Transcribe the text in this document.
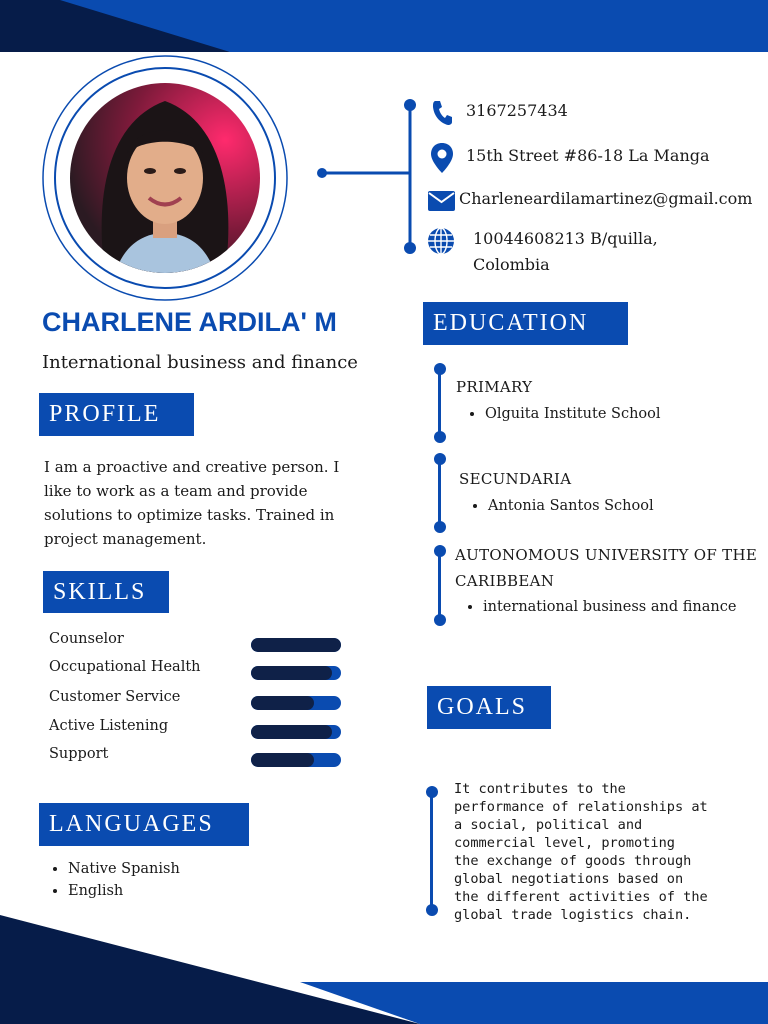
3167257434
15th Street #86-18 La Manga
Charleneardilamartinez@gmail.com
10044608213 B/quilla,
Colombia
CHARLENE ARDILA' M
International business and finance
PROFILE
I am a proactive and creative person. I
like to work as a team and provide
solutions to optimize tasks. Trained in
project management.
SKILLS
Counselor
Occupational Health
Customer Service
Active Listening
Support
LANGUAGES
• Native Spanish
• English
EDUCATION
PRIMARY
• Olguita Institute School
SECUNDARIA
• Antonia Santos School
AUTONOMOUS UNIVERSITY OF THE
CARIBBEAN
• international business and finance
GOALS
It contributes to the
performance of relationships at
a social, political and
commercial level, promoting
the exchange of goods through
global negotiations based on
the different activities of the
global trade logistics chain.
